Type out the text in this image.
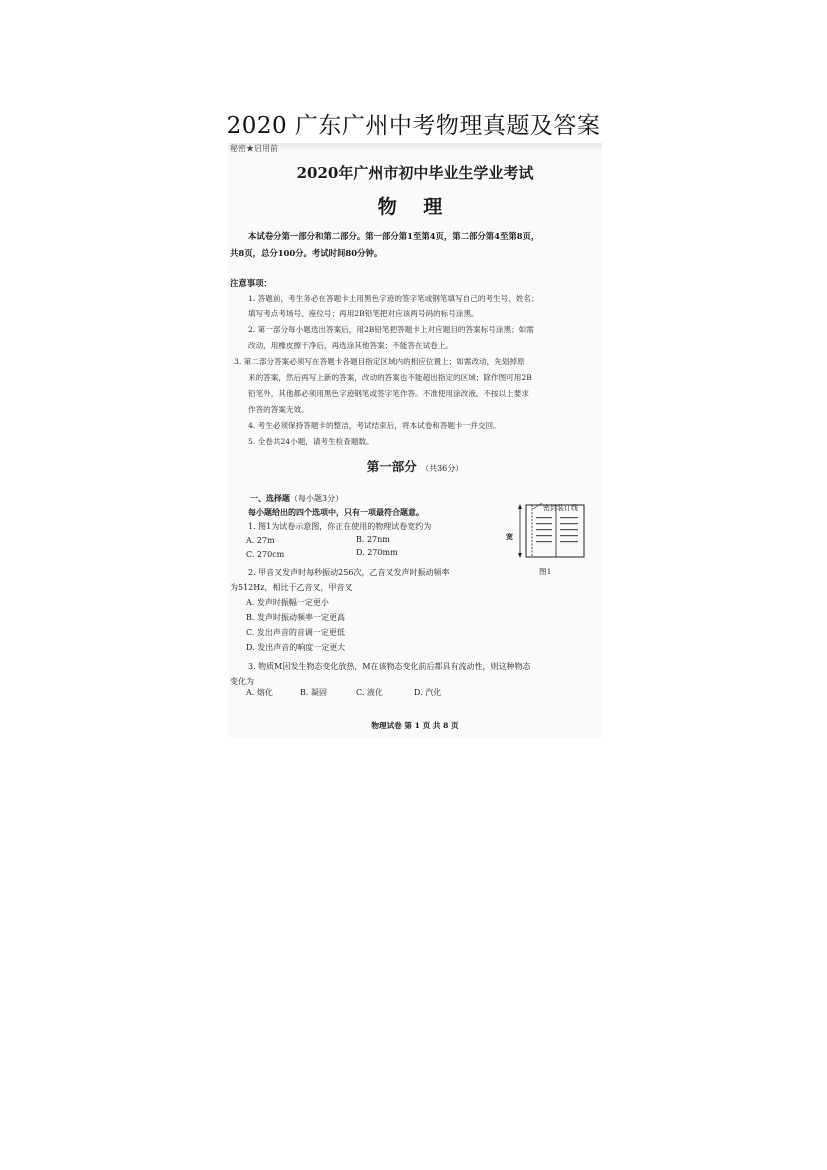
2020 广东广州中考物理真题及答案
秘密★启用前
2020年广州市初中毕业生学业考试
物 理
本试卷分第一部分和第二部分。第一部分第1至第4页，第二部分第4至第8页，
共8页，总分100分。考试时间80分钟。
注意事项：
1. 答题前，考生务必在答题卡上用黑色字迹的签字笔或钢笔填写自己的考生号、姓名；
填写考点考场号、座位号；再用2B铅笔把对应该两号码的标号涂黑。
2. 第一部分每小题选出答案后，用2B铅笔把答题卡上对应题目的答案标号涂黑；如需
改动，用橡皮擦干净后，再选涂其他答案；不能答在试卷上。
3. 第二部分答案必须写在答题卡各题目指定区域内的相应位置上；如需改动，先划掉原
来的答案，然后再写上新的答案，改动的答案也不能超出指定的区域；除作图可用2B
铅笔外，其他都必须用黑色字迹钢笔或签字笔作答。不准使用涂改液。不按以上要求
作答的答案无效。
4. 考生必须保持答题卡的整洁，考试结束后，将本试卷和答题卡一并交回。
5. 全卷共24小题，请考生检查题数。
第一部分 （共36分）
一、选择题（每小题3分）
每小题给出的四个选项中，只有一项最符合题意。
1. 图1为试卷示意图，你正在使用的物理试卷宽约为
A. 27m	B. 27nm
C. 270cm	D. 270mm
密封装订线
宽
图1
2. 甲音叉发声时每秒振动256次，乙音叉发声时振动频率
为512Hz，相比于乙音叉，甲音叉
A. 发声时振幅一定更小
B. 发声时振动频率一定更高
C. 发出声音的音调一定更低
D. 发出声音的响度一定更大
3. 物质M因发生物态变化放热，M在该物态变化前后都具有流动性，则这种物态
变化为
A. 熔化	B. 凝固	C. 液化	D. 汽化
物理试卷 第 1 页 共 8 页
